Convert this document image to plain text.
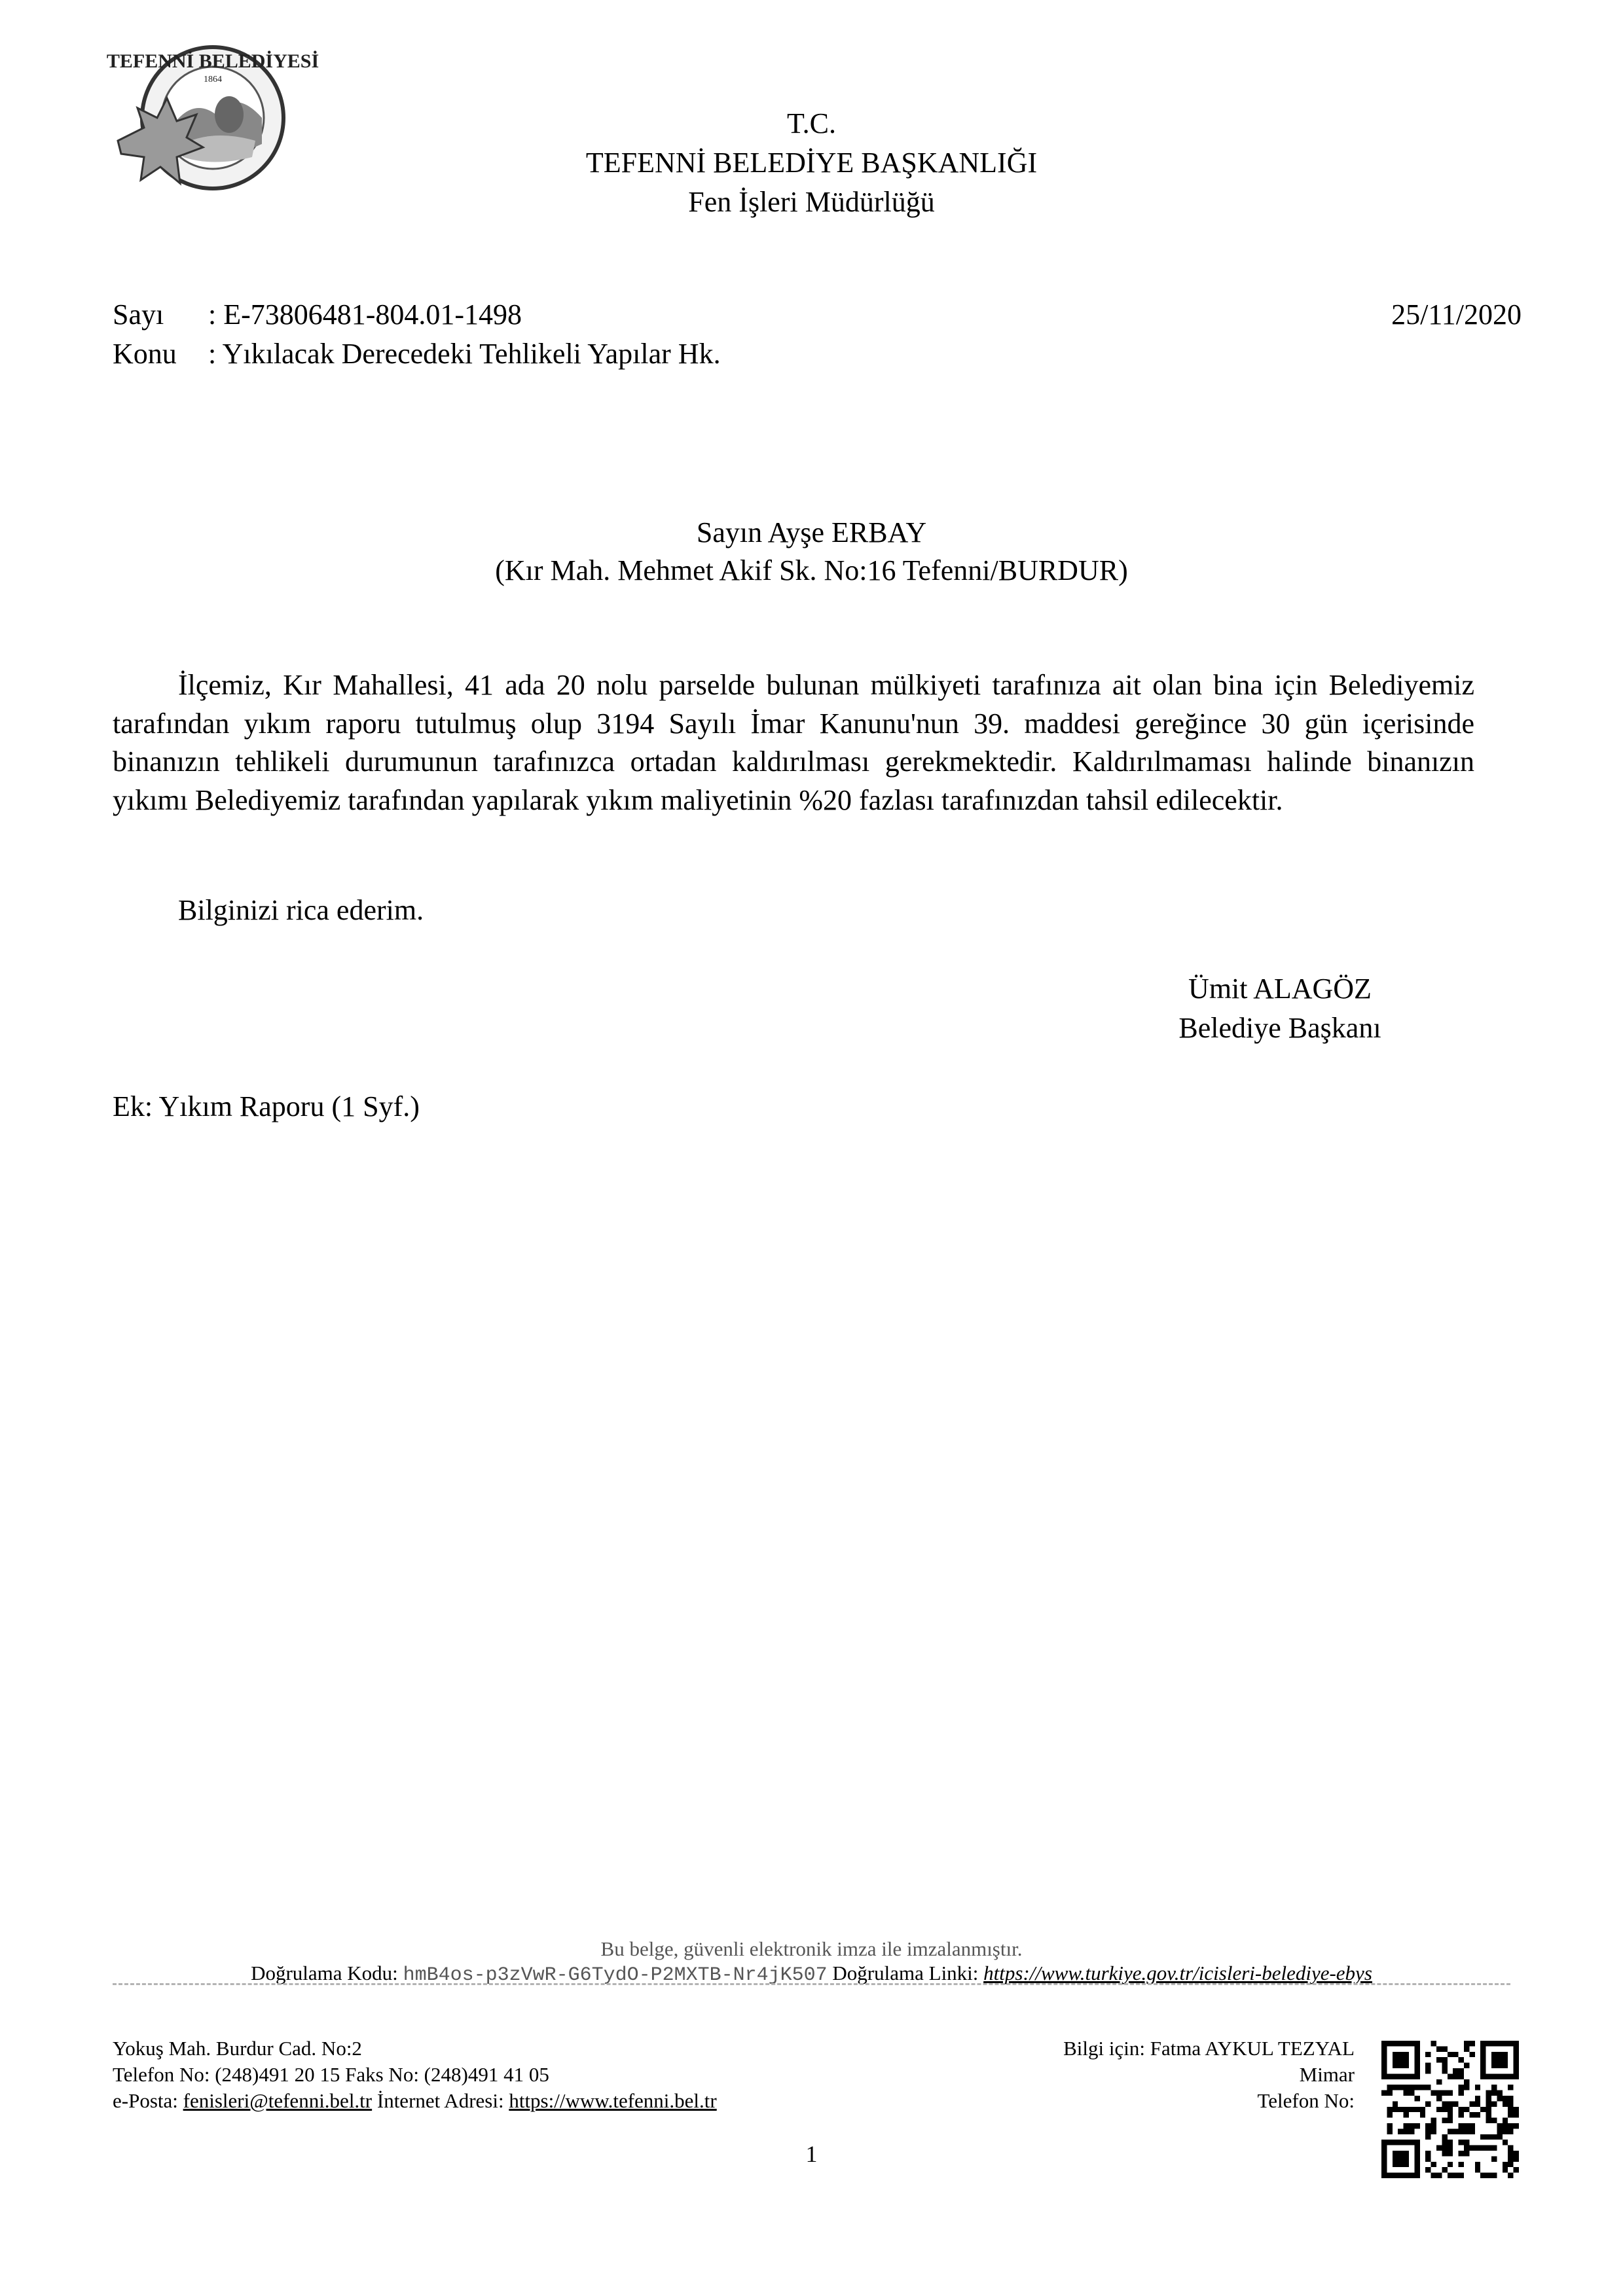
TEFENNİ BELEDİYESİ
1864
T.C.
TEFENNİ BELEDİYE BAŞKANLIĞI
Fen İşleri Müdürlüğü
Sayı : E-73806481-804.01-1498	25/11/2020
Konu : Yıkılacak Derecedeki Tehlikeli Yapılar Hk.
Sayın Ayşe ERBAY
(Kır Mah. Mehmet Akif Sk. No:16 Tefenni/BURDUR)
İlçemiz, Kır Mahallesi, 41 ada 20 nolu parselde bulunan mülkiyeti tarafınıza ait olan bina için Belediyemiz tarafından yıkım raporu tutulmuş olup 3194 Sayılı İmar Kanunu'nun 39. maddesi gereğince 30 gün içerisinde binanızın tehlikeli durumunun tarafınızca ortadan kaldırılması gerekmektedir. Kaldırılmaması halinde binanızın yıkımı Belediyemiz tarafından yapılarak yıkım maliyetinin %20 fazlası tarafınızdan tahsil edilecektir.
Bilginizi rica ederim.
Ümit ALAGÖZ
Belediye Başkanı
Ek: Yıkım Raporu (1 Syf.)
Bu belge, güvenli elektronik imza ile imzalanmıştır.
Doğrulama Kodu: hmB4os-p3zVwR-G6TydO-P2MXTB-Nr4jK507 Doğrulama Linki: https://www.turkiye.gov.tr/icisleri-belediye-ebys
Yokuş Mah. Burdur Cad. No:2
Telefon No: (248)491 20 15 Faks No: (248)491 41 05
e-Posta: fenisleri@tefenni.bel.tr İnternet Adresi: https://www.tefenni.bel.tr
Bilgi için: Fatma AYKUL TEZYAL
Mimar
Telefon No:
1
